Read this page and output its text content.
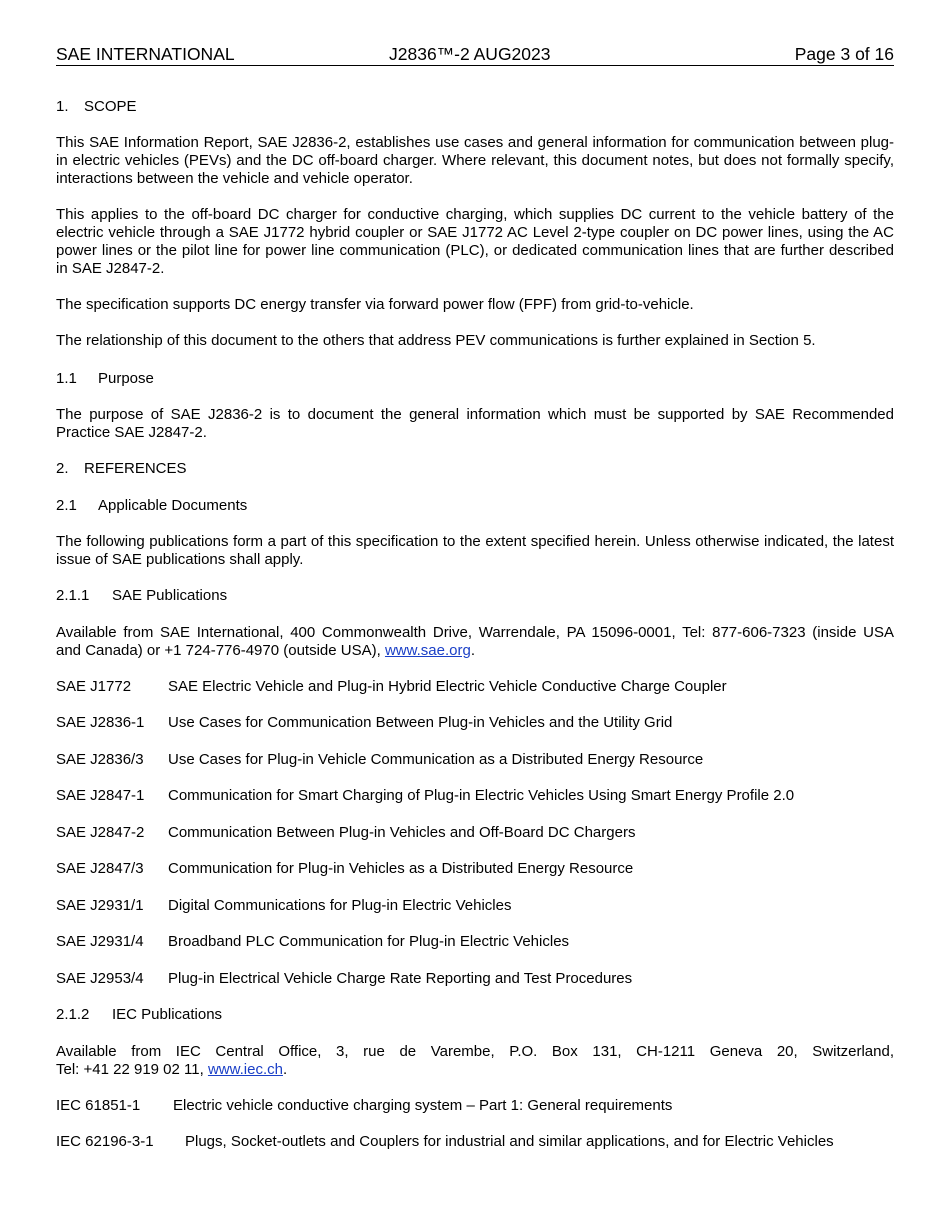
SAE INTERNATIONAL	J2836™-2 AUG2023	Page 3 of 16
1. SCOPE

This SAE Information Report, SAE J2836-2, establishes use cases and general information for communication between plug-in electric vehicles (PEVs) and the DC off-board charger. Where relevant, this document notes, but does not formally specify, interactions between the vehicle and vehicle operator.

This applies to the off-board DC charger for conductive charging, which supplies DC current to the vehicle battery of the electric vehicle through a SAE J1772 hybrid coupler or SAE J1772 AC Level 2-type coupler on DC power lines, using the AC power lines or the pilot line for power line communication (PLC), or dedicated communication lines that are further described in SAE J2847-2.

The specification supports DC energy transfer via forward power flow (FPF) from grid-to-vehicle.

The relationship of this document to the others that address PEV communications is further explained in Section 5.

1.1 Purpose

The purpose of SAE J2836-2 is to document the general information which must be supported by SAE Recommended Practice SAE J2847-2.

2. REFERENCES
2.1 Applicable Documents

The following publications form a part of this specification to the extent specified herein. Unless otherwise indicated, the latest issue of SAE publications shall apply.

2.1.1 SAE Publications

Available from SAE International, 400 Commonwealth Drive, Warrendale, PA 15096-0001, Tel: 877-606-7323 (inside USA

and Canada) or +1 724-776-4970 (outside USA), www.sae.org.

SAE J1772 SAE Electric Vehicle and Plug-in Hybrid Electric Vehicle Conductive Charge Coupler
SAE J2836-1 Use Cases for Communication Between Plug-in Vehicles and the Utility Grid
SAE J2836/3 Use Cases for Plug-in Vehicle Communication as a Distributed Energy Resource
SAE J2847-1 Communication for Smart Charging of Plug-in Electric Vehicles Using Smart Energy Profile 2.0
SAE J2847-2 Communication Between Plug-in Vehicles and Off-Board DC Chargers
SAE J2847/3 Communication for Plug-in Vehicles as a Distributed Energy Resource
SAE J2931/1 Digital Communications for Plug-in Electric Vehicles
SAE J2931/4 Broadband PLC Communication for Plug-in Electric Vehicles
SAE J2953/4 Plug-in Electrical Vehicle Charge Rate Reporting and Test Procedures
2.1.2 IEC Publications

Available from IEC Central Office, 3, rue de Varembe, P.O. Box 131, CH-1211 Geneva 20, Switzerland,

Tel: +41 22 919 02 11, www.iec.ch.

IEC 61851-1 Electric vehicle conductive charging system – Part 1: General requirements
IEC 62196-3-1 Plugs, Socket-outlets and Couplers for industrial and similar applications, and for Electric Vehicles
